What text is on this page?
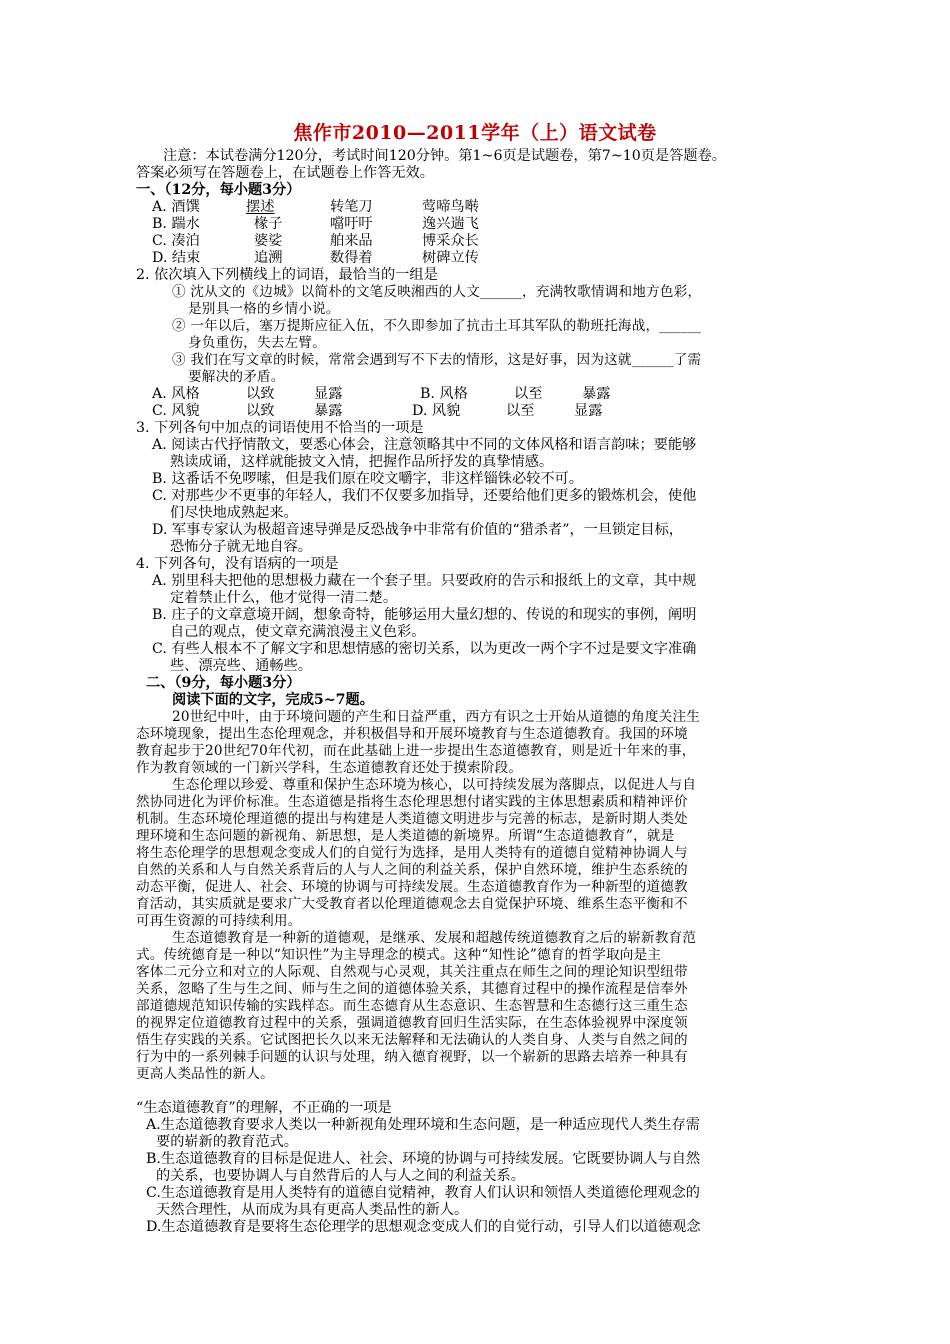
焦作市2010—2011学年（上）语文试卷
注意：本试卷满分120分，考试时间120分钟。第1~6页是试题卷，第7~10页是答题卷。
答案必须写在答题卷上，在试题卷上作答无效。
一、（12分，每小题3分）
A. 酒馔	摆述	转笔刀	莺啼鸟啭
B. 踹水	椽子	噹吁吁	逸兴遄飞
C. 凑泊	婆娑	舶来品	博采众长
D. 结束	追溯	数得着	树碑立传
2. 依次填入下列横线上的词语，最恰当的一组是
① 沈从文的《边城》以简朴的文笔反映湘西的人文______，充满牧歌情调和地方色彩，
是别具一格的乡情小说。
② 一年以后，塞万提斯应征入伍，不久即参加了抗击土耳其军队的勒班托海战，______
身负重伤，失去左臂。
③ 我们在写文章的时候，常常会遇到写不下去的情形，这是好事，因为这就______了需
要解决的矛盾。
A. 风格	以致	显露	B. 风格	以至	暴露
C. 风貌	以致	暴露	D. 风貌	以至	显露
3. 下列各句中加点的词语使用不恰当的一项是
A. 阅读古代抒情散文，要悉心体会，注意领略其中不同的文体风格和语言韵味；要能够
熟读成诵，这样就能披文入情，把握作品所抒发的真挚情感。
B. 这番话不免啰嗦，但是我们原在咬文嚼字，非这样锱铢必较不可。
C. 对那些少不更事的年轻人，我们不仅要多加指导，还要给他们更多的锻炼机会，使他
们尽快地成熟起来。
D. 军事专家认为极超音速导弹是反恐战争中非常有价值的“猎杀者”，一旦锁定目标，
恐怖分子就无地自容。
4. 下列各句，没有语病的一项是
A. 别里科夫把他的思想极力藏在一个套子里。只要政府的告示和报纸上的文章，其中规
定着禁止什么，他才觉得一清二楚。
B. 庄子的文章意境开阔，想象奇特，能够运用大量幻想的、传说的和现实的事例，阐明
自己的观点，使文章充满浪漫主义色彩。
C. 有些人根本不了解文字和思想情感的密切关系，以为更改一两个字不过是要文字准确
些、漂亮些、通畅些。
二、（9分，每小题3分）
阅读下面的文字，完成5~7题。
20世纪中叶，由于环境问题的产生和日益严重，西方有识之士开始从道德的角度关注生
态环境现象，提出生态伦理观念，并积极倡导和开展环境教育与生态道德教育。我国的环境
教育起步于20世纪70年代初，而在此基础上进一步提出生态道德教育，则是近十年来的事，
作为教育领域的一门新兴学科，生态道德教育还处于摸索阶段。
生态伦理以珍爱、尊重和保护生态环境为核心，以可持续发展为落脚点，以促进人与自
然协同进化为评价标准。生态道德是指将生态伦理思想付诸实践的主体思想素质和精神评价
机制。生态环境伦理道德的提出与构建是人类道德文明进步与完善的标志，是新时期人类处
理环境和生态问题的新视角、新思想，是人类道德的新境界。所谓“生态道德教育”，就是
将生态伦理学的思想观念变成人们的自觉行为选择，是用人类特有的道德自觉精神协调人与
自然的关系和人与自然关系背后的人与人之间的利益关系，保护自然环境，维护生态系统的
动态平衡，促进人、社会、环境的协调与可持续发展。生态道德教育作为一种新型的道德教
育活动，其实质就是要求广大受教育者以伦理道德观念去自觉保护环境、维系生态平衡和不
可再生资源的可持续利用。
生态道德教育是一种新的道德观，是继承、发展和超越传统道德教育之后的崭新教育范
式。传统德育是一种以“知识性”为主导理念的模式。这种“知性论”德育的哲学取向是主
客体二元分立和对立的人际观、自然观与心灵观，其关注重点在师生之间的理论知识型纽带
关系，忽略了生与生之间、师与生之间的道德体验关系，其德育过程中的操作流程是信奉外
部道德规范知识传输的实践样态。而生态德育从生态意识、生态智慧和生态德行这三重生态
的视界定位道德教育过程中的关系，强调道德教育回归生活实际，在生态体验视界中深度领
悟生存实践的关系。它试图把长久以来无法解释和无法确认的人类自身、人类与自然之间的
行为中的一系列棘手问题的认识与处理，纳入德育视野，以一个崭新的思路去培养一种具有
更高人类品性的新人。
“生态道德教育”的理解，不正确的一项是
A.生态道德教育要求人类以一种新视角处理环境和生态问题，是一种适应现代人类生存需
要的崭新的教育范式。
B.生态道德教育的目标是促进人、社会、环境的协调与可持续发展。它既要协调人与自然
的关系，也要协调人与自然背后的人与人之间的利益关系。
C.生态道德教育是用人类特有的道德自觉精神，教育人们认识和领悟人类道德伦理观念的
天然合理性，从而成为具有更高人类品性的新人。
D.生态道德教育是要将生态伦理学的思想观念变成人们的自觉行动，引导人们以道德观念
